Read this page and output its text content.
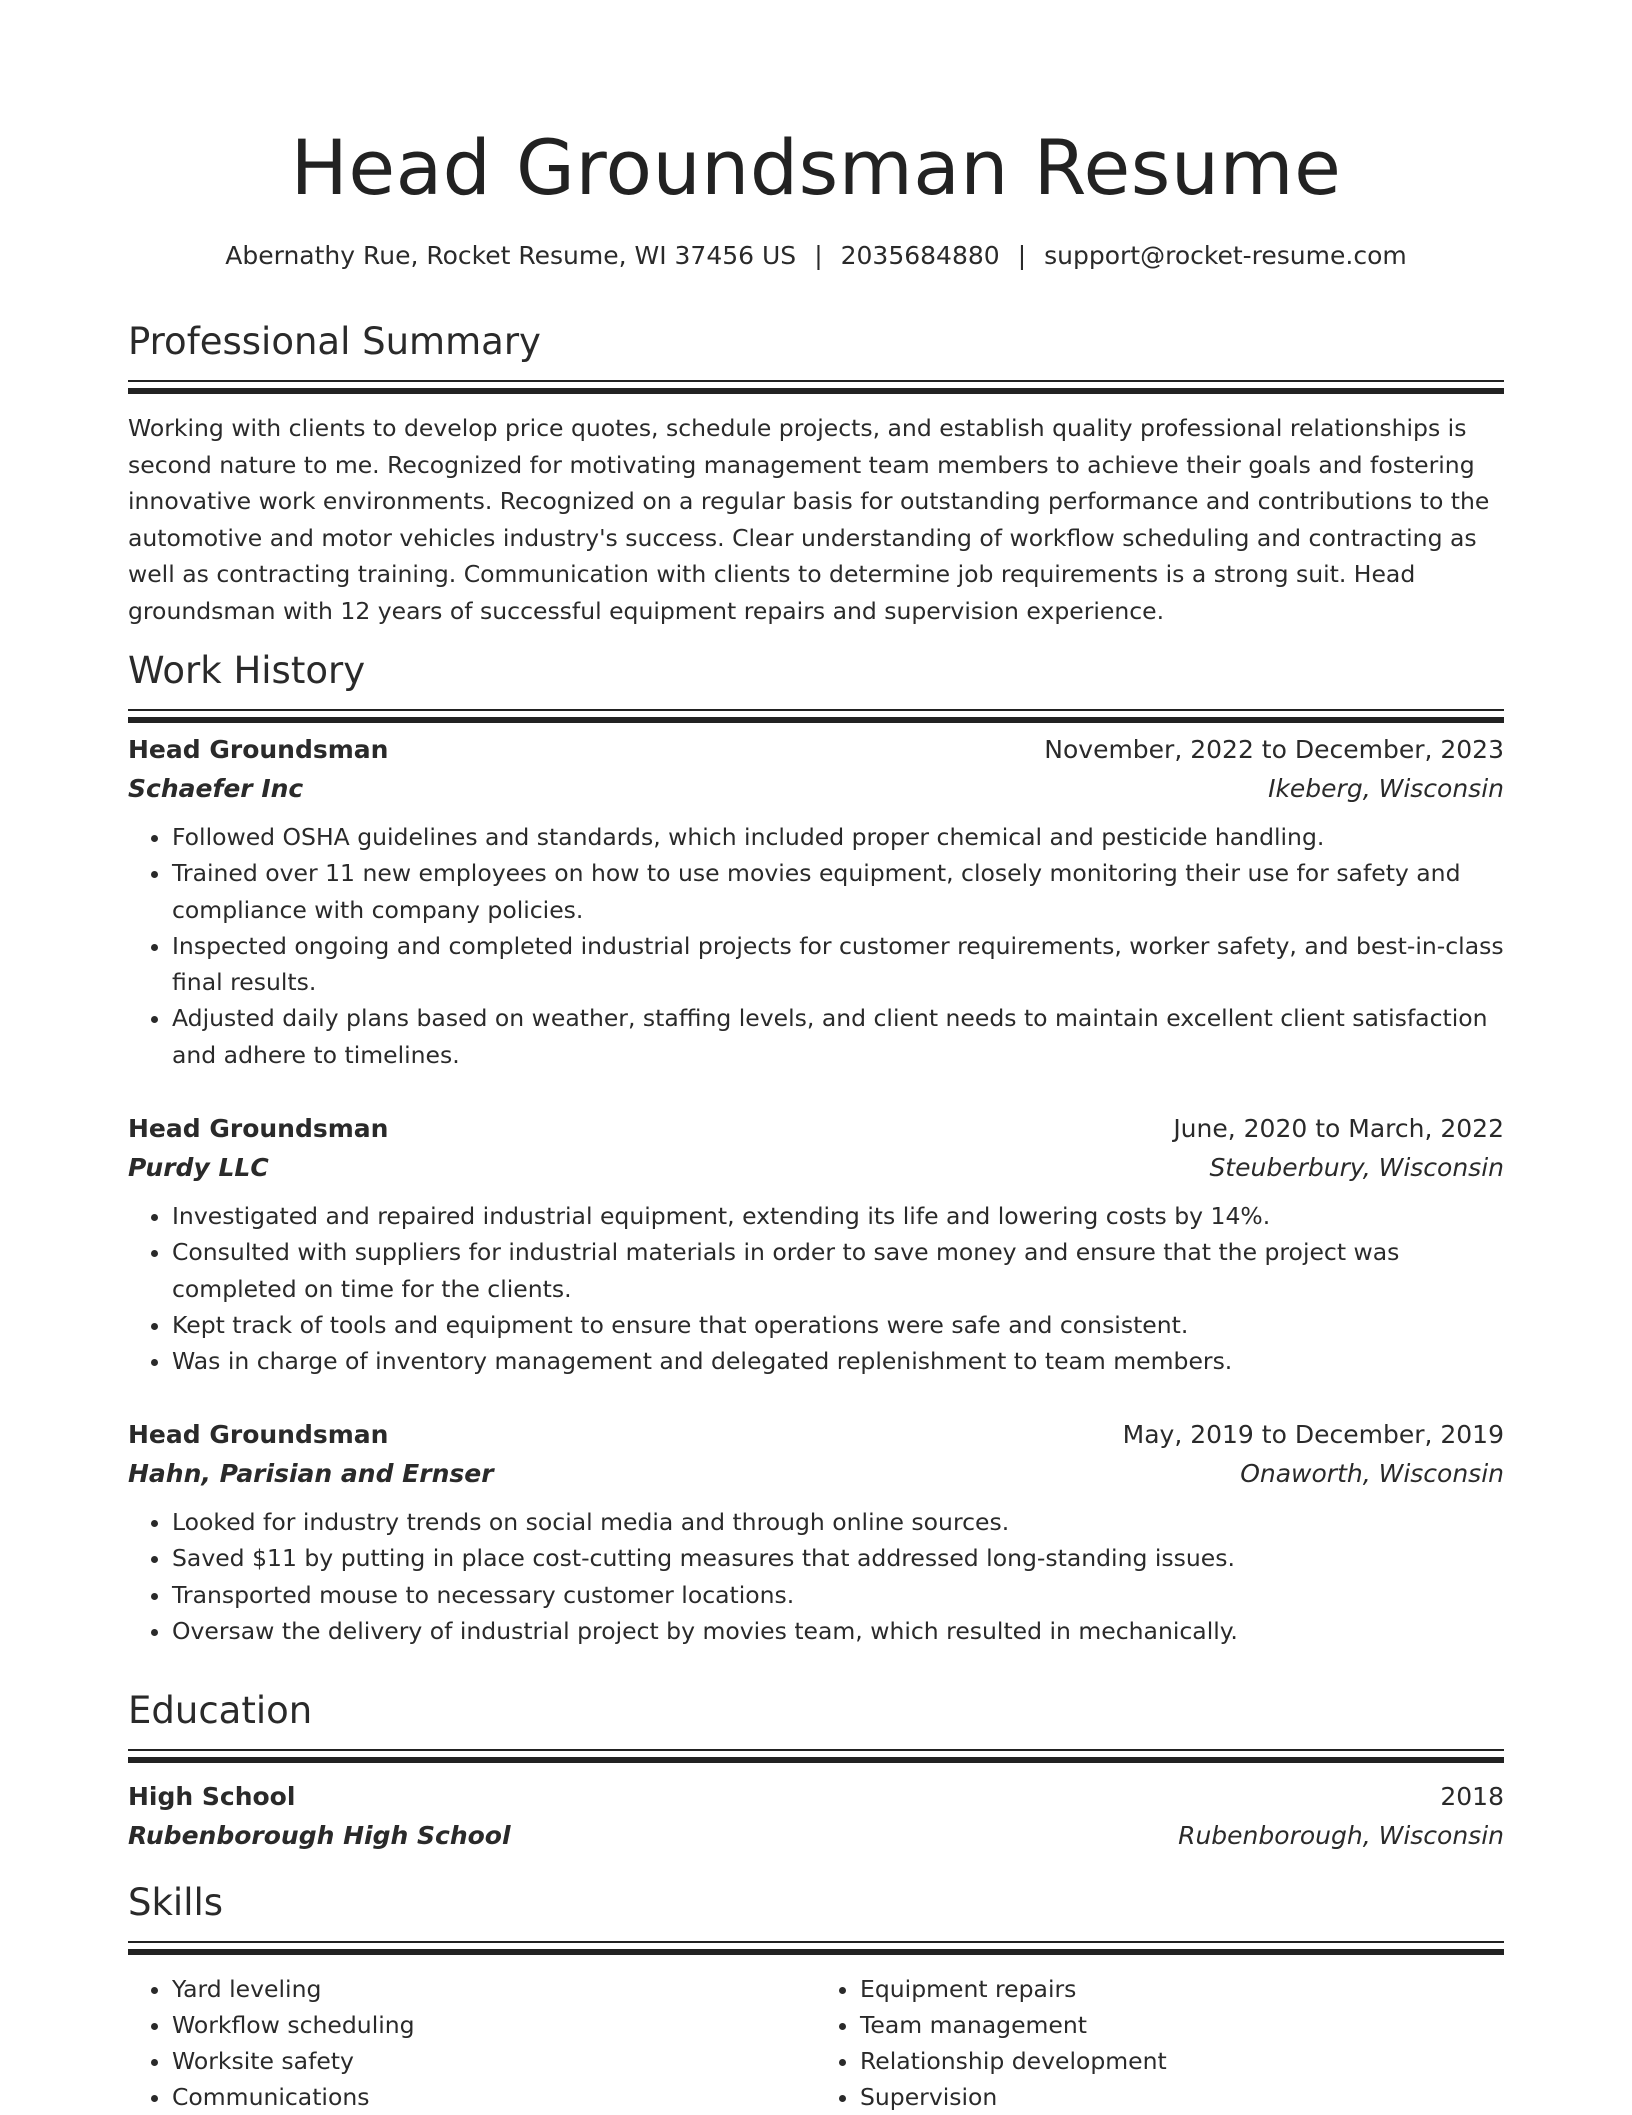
Head Groundsman Resume
Abernathy Rue, Rocket Resume, WI 37456 US | 2035684880 | support@rocket-resume.com
Professional Summary

Working with clients to develop price quotes, schedule projects, and establish quality professional relationships is second nature to me. Recognized for motivating management team members to achieve their goals and fostering innovative work environments. Recognized on a regular basis for outstanding performance and contributions to the automotive and motor vehicles industry's success. Clear understanding of workflow scheduling and contracting as well as contracting training. Communication with clients to determine job requirements is a strong suit. Head groundsman with 12 years of successful equipment repairs and supervision experience.

Work History
Head Groundsman	November, 2022 to December, 2023
Schaefer Inc	Ikeberg, Wisconsin
• Followed OSHA guidelines and standards, which included proper chemical and pesticide handling.
• Trained over 11 new employees on how to use movies equipment, closely monitoring their use for safety and compliance with company policies.
• Inspected ongoing and completed industrial projects for customer requirements, worker safety, and best-in-class final results.
• Adjusted daily plans based on weather, staffing levels, and client needs to maintain excellent client satisfaction and adhere to timelines.
Head Groundsman	June, 2020 to March, 2022
Purdy LLC	Steuberbury, Wisconsin
• Investigated and repaired industrial equipment, extending its life and lowering costs by 14%.
• Consulted with suppliers for industrial materials in order to save money and ensure that the project was completed on time for the clients.
• Kept track of tools and equipment to ensure that operations were safe and consistent.
• Was in charge of inventory management and delegated replenishment to team members.
Head Groundsman	May, 2019 to December, 2019
Hahn, Parisian and Ernser	Onaworth, Wisconsin
• Looked for industry trends on social media and through online sources.
• Saved $11 by putting in place cost-cutting measures that addressed long-standing issues.
• Transported mouse to necessary customer locations.
• Oversaw the delivery of industrial project by movies team, which resulted in mechanically.
Education
High School	2018
Rubenborough High School	Rubenborough, Wisconsin
Skills
• Yard leveling
• Workflow scheduling
• Worksite safety
• Communications
• Equipment repairs
• Team management
• Relationship development
• Supervision
